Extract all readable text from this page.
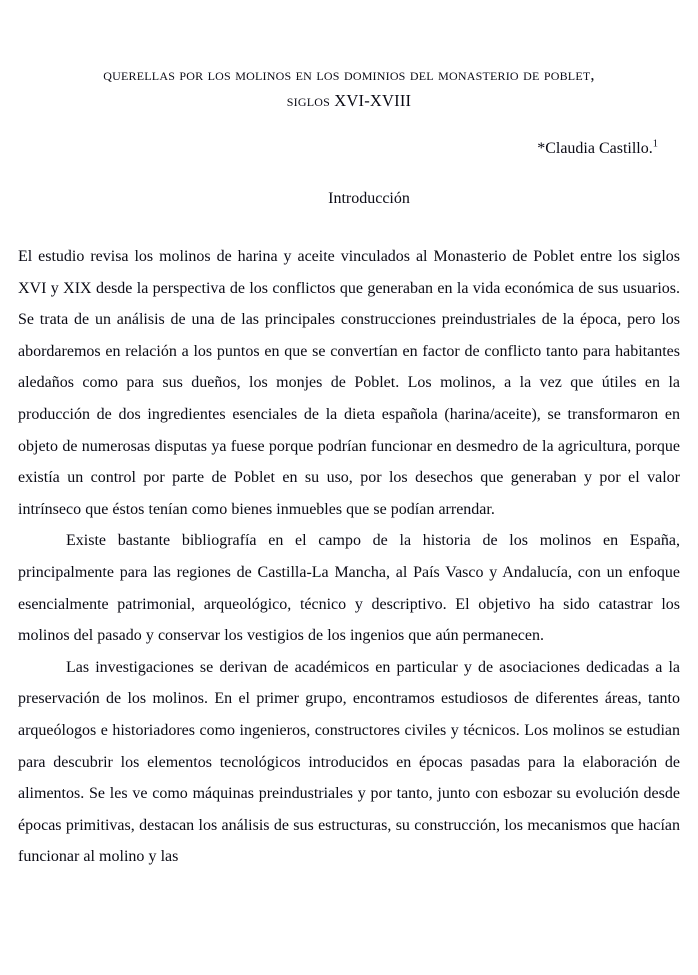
querellas por los molinos en los dominios del monasterio de poblet,
siglos XVI-XVIII

*Claudia Castillo.$^1$

Introducción

El estudio revisa los molinos de harina y aceite vinculados al Monasterio de Poblet entre los siglos XVI y XIX desde la perspectiva de los conflictos que generaban en la vida económica de sus usuarios. Se trata de un análisis de una de las principales construcciones preindustriales de la época, pero los abordaremos en relación a los puntos en que se convertían en factor de conflicto tanto para habitantes aledaños como para sus dueños, los monjes de Poblet. Los molinos, a la vez que útiles en la producción de dos ingredientes esenciales de la dieta española (harina/aceite), se transformaron en objeto de numerosas disputas ya fuese porque podrían funcionar en desmedro de la agricultura, porque existía un control por parte de Poblet en su uso, por los desechos que generaban y por el valor intrínseco que éstos tenían como bienes inmuebles que se podían arrendar.

Existe bastante bibliografía en el campo de la historia de los molinos en España, principalmente para las regiones de Castilla-La Mancha, al País Vasco y Andalucía, con un enfoque esencialmente patrimonial, arqueológico, técnico y descriptivo. El objetivo ha sido catastrar los molinos del pasado y conservar los vestigios de los ingenios que aún permanecen.

Las investigaciones se derivan de académicos en particular y de asociaciones dedicadas a la preservación de los molinos. En el primer grupo, encontramos estudiosos de diferentes áreas, tanto arqueólogos e historiadores como ingenieros, constructores civiles y técnicos. Los molinos se estudian para descubrir los elementos tecnológicos introducidos en épocas pasadas para la elaboración de alimentos. Se les ve como máquinas preindustriales y por tanto, junto con esbozar su evolución desde épocas primitivas, destacan los análisis de sus estructuras, su construcción, los mecanismos que hacían funcionar al molino y las
